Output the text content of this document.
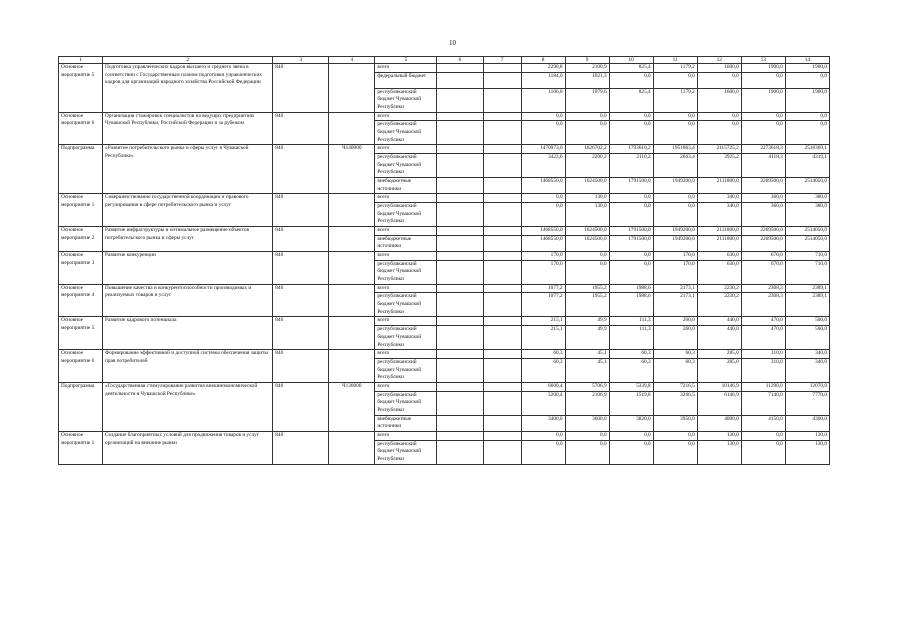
10
1	2	3	4	5	6	7	8	9	10	11	12	13	14
Основное мероприятие 5	Подготовка управленческих кадров высшего и среднего звена в соответствии с Государственным планом подготовки управленческих кадров для организаций народного хозяйства Российской Федерации	840		всего			2290,8	2100,9	825,4	1179,2	1600,0	1900,0	1900,0
				федеральный бюджет			1184,0	1021,3	0,0	0,0	0,0	0,0	0,0
				республиканский бюджет Чувашской Республики			1106,8	1079,6	825,4	1179,2	1600,0	1900,0	1900,0
Основное мероприятие 6	Организация стажировок специалистов на ведущих предприятиях Чувашской Республики, Российской Федерации и за рубежом	840		всего			0,0	0,0	0,0	0,0	0,0	0,0	0,0
				республиканский бюджет Чувашской Республики			0,0	0,0	0,0	0,0	0,0	0,0	0,0
Подпрограмма	«Развитие потребительского рынка и сферы услуг в Чувашской Республике»	840	Ч140000	всего			1470973,6	1626702,2	1793610,2	1951863,4	2115725,2	2273618,3	2518369,1
				республиканский бюджет Чувашской Республики			3423,6	2200,2	2110,2	2663,4	3925,2	4118,3	4319,1
				внебюджетные источники			1468550,0	1624500,0	1791500,0	1949200,0	2111800,0	2269500,0	2514050,0
Основное мероприятие 1	Совершенствование государственной координации и правового регулирования в сфере потребительского рынка и услуг	840		всего			0,0	130,0	0,0	0,0	340,0	360,0	380,0
				республиканский бюджет Чувашской Республики			0,0	130,0	0,0	0,0	340,0	360,0	380,0
Основное мероприятие 2	Развитие инфраструктуры и оптимальное размещение объектов потребительского рынка и сферы услуг	840		всего			1468550,0	1624500,0	1791500,0	1949200,0	2111800,0	2269500,0	2514050,0
				внебюджетные источники			1468550,0	1624500,0	1791500,0	1949200,0	2111800,0	2269500,0	2514050,0
Основное мероприятие 3	Развитие конкуренции	840		всего			170,0	0,0	0,0	170,0	630,0	670,0	710,0
				республиканский бюджет Чувашской Республики			170,0	0,0	0,0	170,0	630,0	670,0	710,0
Основное мероприятие 4	Повышение качества и конкурентоспособности производимых и реализуемых товаров и услуг	840		всего			1077,2	1955,2	1988,6	2173,1	2230,2	2308,3	2389,1
				республиканский бюджет Чувашской Республики			1077,2	1955,2	1988,6	2173,1	2230,2	2308,3	2389,1
Основное мероприятие 5	Развитие кадрового потенциала	840		всего			215,1	49,9	111,3	260,0	440,0	470,0	500,0
				республиканский бюджет Чувашской Республики			215,1	49,9	111,3	260,0	440,0	470,0	500,0
Основное мероприятие 6	Формирование эффективной и доступной системы обеспечения защиты прав потребителей	840		всего			60,3	45,1	60,3	60,3	285,0	310,0	340,0
				республиканский бюджет Чувашской Республики			60,3	45,1	60,3	60,3	285,0	310,0	340,0
Подпрограмма	«Государственная стимулирование развития внешнеэкономической деятельности в Чувашской Республике»	840	Ч130000	всего			6600,4	5706,9	5339,8	7216,5	10146,9	11290,0	12070,0
				республиканский бюджет Чувашской Республики			3200,4	2106,9	1519,8	3266,5	6146,9	7140,0	7770,0
				внебюджетные источники			3400,0	3600,0	3820,0	3950,0	4000,0	4150,0	4300,0
Основное мероприятие 1	Создание благоприятных условий для продвижения товаров и услуг организаций на внешние рынки	840		всего			0,0	0,0	0,0	0,0	130,0	0,0	130,0
				республиканский бюджет Чувашской Республики			0,0	0,0	0,0	0,0	130,0	0,0	130,0
